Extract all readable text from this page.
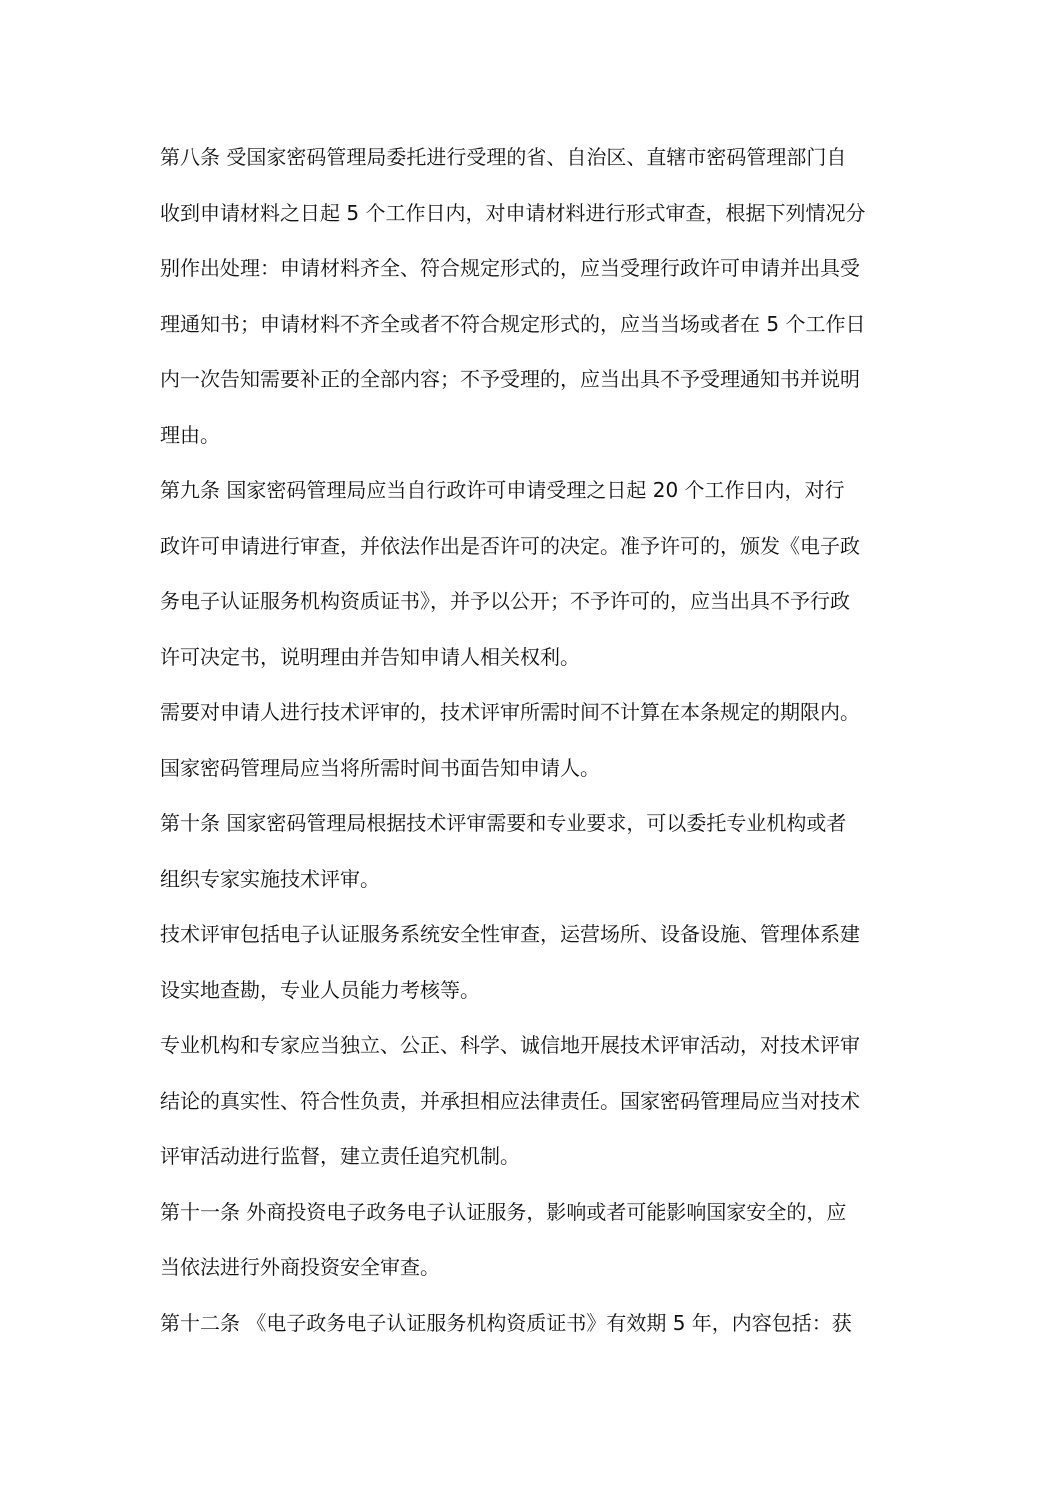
第八条 受国家密码管理局委托进行受理的省、自治区、直辖市密码管理部门自
收到申请材料之日起 5 个工作日内，对申请材料进行形式审查，根据下列情况分
别作出处理：申请材料齐全、符合规定形式的，应当受理行政许可申请并出具受
理通知书；申请材料不齐全或者不符合规定形式的，应当当场或者在 5 个工作日
内一次告知需要补正的全部内容；不予受理的，应当出具不予受理通知书并说明
理由。
第九条 国家密码管理局应当自行政许可申请受理之日起 20 个工作日内，对行
政许可申请进行审查，并依法作出是否许可的决定。准予许可的，颁发《电子政
务电子认证服务机构资质证书》，并予以公开；不予许可的，应当出具不予行政
许可决定书，说明理由并告知申请人相关权利。
需要对申请人进行技术评审的，技术评审所需时间不计算在本条规定的期限内。
国家密码管理局应当将所需时间书面告知申请人。
第十条 国家密码管理局根据技术评审需要和专业要求，可以委托专业机构或者
组织专家实施技术评审。
技术评审包括电子认证服务系统安全性审查，运营场所、设备设施、管理体系建
设实地查勘，专业人员能力考核等。
专业机构和专家应当独立、公正、科学、诚信地开展技术评审活动，对技术评审
结论的真实性、符合性负责，并承担相应法律责任。国家密码管理局应当对技术
评审活动进行监督，建立责任追究机制。
第十一条 外商投资电子政务电子认证服务，影响或者可能影响国家安全的，应
当依法进行外商投资安全审查。
第十二条 《电子政务电子认证服务机构资质证书》有效期 5 年，内容包括：获
